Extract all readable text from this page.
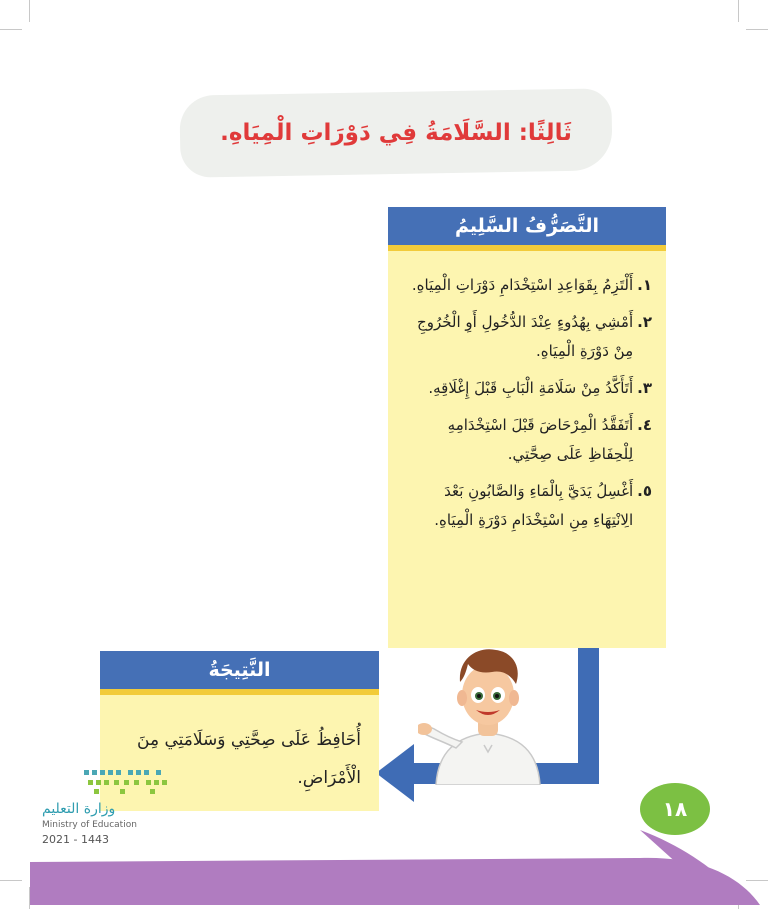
ثَالِثًا: السَّلَامَةُ فِي دَوْرَاتِ الْمِيَاهِ.
التَّصَرُّفُ السَّلِيمُ
١.
أَلْتَزِمُ بِقَوَاعِدِ اسْتِخْدَامِ دَوْرَاتِ الْمِيَاهِ.
٢.
أَمْشِي بِهُدُوءٍ عِنْدَ الدُّخُولِ أَوِ الْخُرُوجِ مِنْ دَوْرَةِ الْمِيَاهِ.
٣.
أَتَأَكَّدُ مِنْ سَلَامَةِ الْبَابِ قَبْلَ إِغْلَاقِهِ.
٤.
أَتَفَقَّدُ الْمِرْحَاضَ قَبْلَ اسْتِخْدَامِهِ لِلْحِفَاظِ عَلَى صِحَّتِي.
٥.
أَغْسِلُ يَدَيَّ بِالْمَاءِ وَالصَّابُونِ بَعْدَ الِانْتِهَاءِ مِنِ اسْتِخْدَامِ دَوْرَةِ الْمِيَاهِ.
النَّتِيجَةُ
أُحَافِظُ عَلَى صِحَّتِي وَسَلَامَتِي مِنَ الْأَمْرَاضِ.
١٨
وزارة التعليم
Ministry of Education
2021 - 1443
